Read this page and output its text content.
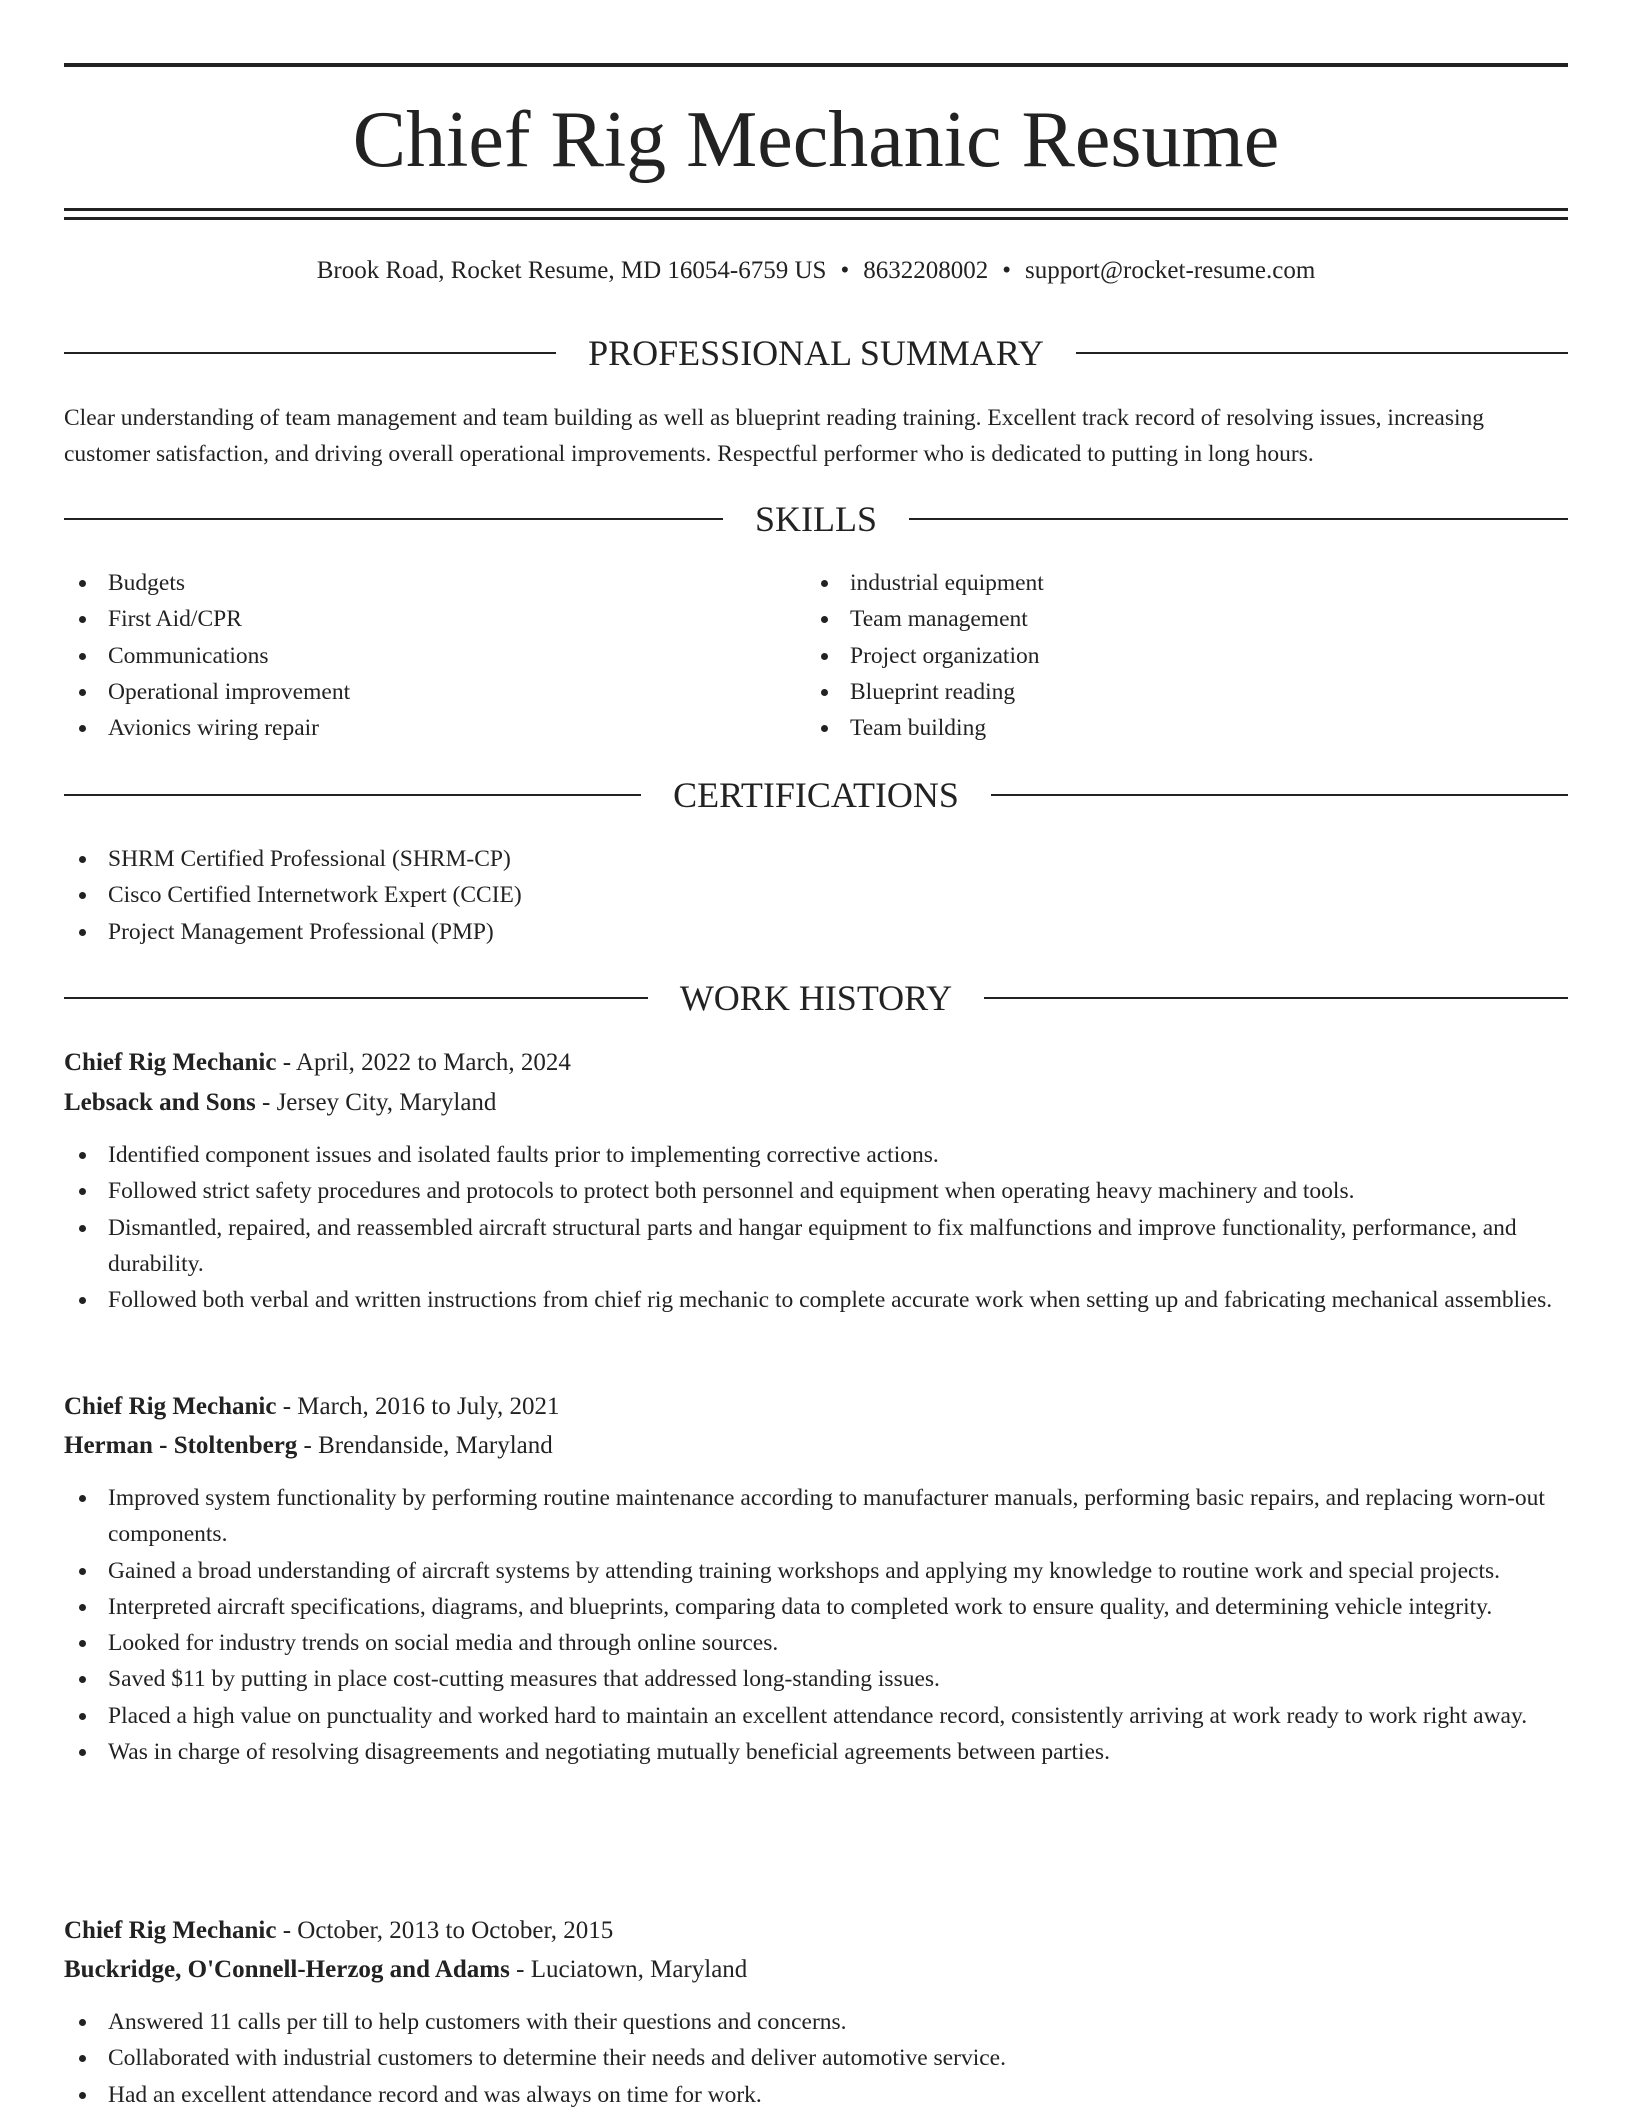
Chief Rig Mechanic Resume
Brook Road, Rocket Resume, MD 16054-6759 US • 8632208002 • support@rocket-resume.com
PROFESSIONAL SUMMARY

Clear understanding of team management and team building as well as blueprint reading training. Excellent track record of resolving issues, increasing customer satisfaction, and driving overall operational improvements. Respectful performer who is dedicated to putting in long hours.

SKILLS
Budgets
First Aid/CPR
Communications
Operational improvement
Avionics wiring repair
industrial equipment
Team management
Project organization
Blueprint reading
Team building
CERTIFICATIONS
SHRM Certified Professional (SHRM-CP)
Cisco Certified Internetwork Expert (CCIE)
Project Management Professional (PMP)
WORK HISTORY
Chief Rig Mechanic - April, 2022 to March, 2024
Lebsack and Sons - Jersey City, Maryland
Identified component issues and isolated faults prior to implementing corrective actions.
Followed strict safety procedures and protocols to protect both personnel and equipment when operating heavy machinery and tools.
Dismantled, repaired, and reassembled aircraft structural parts and hangar equipment to fix malfunctions and improve functionality, performance, and durability.
Followed both verbal and written instructions from chief rig mechanic to complete accurate work when setting up and fabricating mechanical assemblies.
Chief Rig Mechanic - March, 2016 to July, 2021
Herman - Stoltenberg - Brendanside, Maryland
Improved system functionality by performing routine maintenance according to manufacturer manuals, performing basic repairs, and replacing worn-out components.
Gained a broad understanding of aircraft systems by attending training workshops and applying my knowledge to routine work and special projects.
Interpreted aircraft specifications, diagrams, and blueprints, comparing data to completed work to ensure quality, and determining vehicle integrity.
Looked for industry trends on social media and through online sources.
Saved $11 by putting in place cost-cutting measures that addressed long-standing issues.
Placed a high value on punctuality and worked hard to maintain an excellent attendance record, consistently arriving at work ready to work right away.
Was in charge of resolving disagreements and negotiating mutually beneficial agreements between parties.
Chief Rig Mechanic - October, 2013 to October, 2015
Buckridge, O'Connell-Herzog and Adams - Luciatown, Maryland
Answered 11 calls per till to help customers with their questions and concerns.
Collaborated with industrial customers to determine their needs and deliver automotive service.
Had an excellent attendance record and was always on time for work.
